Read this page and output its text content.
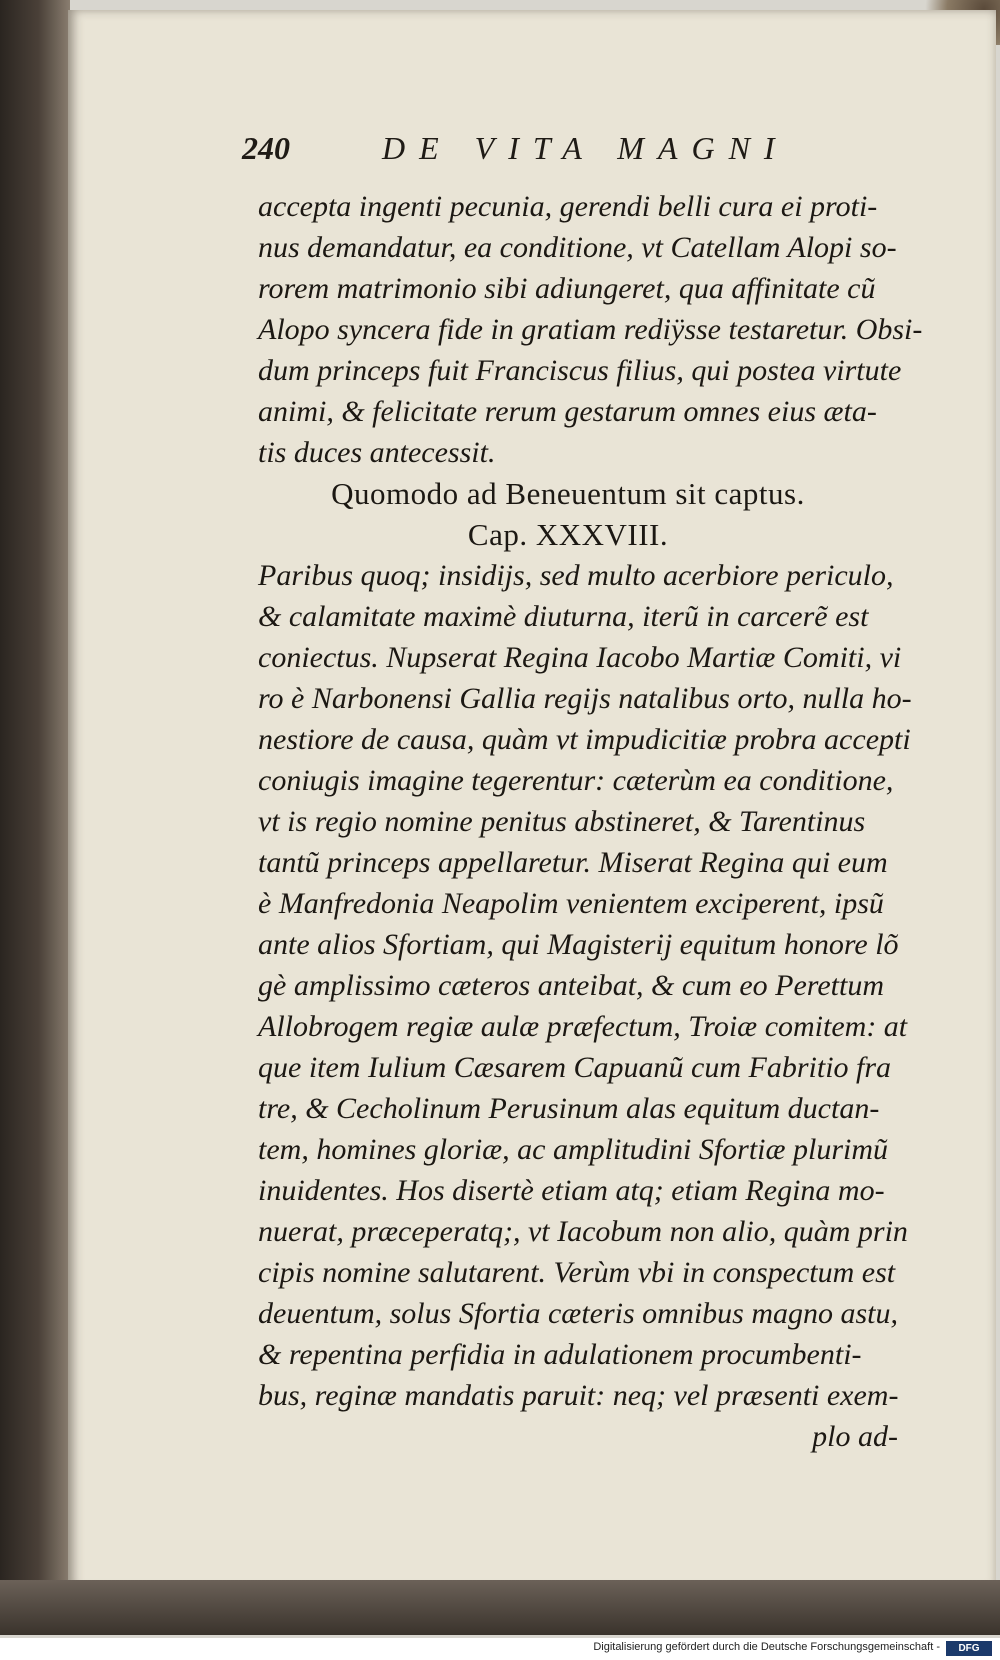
240	DE VITA MAGNI
accepta ingenti pecunia, gerendi belli cura ei proti-
nus demandatur, ea conditione, vt Catellam Alopi so-
rorem matrimonio sibi adiungeret, qua affinitate cũ
Alopo syncera fide in gratiam rediÿsse testaretur. Obsi-
dum princeps fuit Franciscus filius, qui postea virtute
animi, & felicitate rerum gestarum omnes eius æta-
tis duces antecessit.
Quomodo ad Beneuentum sit captus.
Cap. XXXVIII.
Paribus quoq; insidijs, sed multo acerbiore periculo,
& calamitate maximè diuturna, iterũ in carcerẽ est
coniectus. Nupserat Regina Iacobo Martiæ Comiti, vi
ro è Narbonensi Gallia regijs natalibus orto, nulla ho-
nestiore de causa, quàm vt impudicitiæ probra accepti
coniugis imagine tegerentur: cæterùm ea conditione,
vt is regio nomine penitus abstineret, & Tarentinus
tantũ princeps appellaretur. Miserat Regina qui eum
è Manfredonia Neapolim venientem exciperent, ipsũ
ante alios Sfortiam, qui Magisterij equitum honore lõ
gè amplissimo cæteros anteibat, & cum eo Perettum
Allobrogem regiæ aulæ præfectum, Troiæ comitem: at
que item Iulium Cæsarem Capuanũ cum Fabritio fra
tre, & Cecholinum Perusinum alas equitum ductan-
tem, homines gloriæ, ac amplitudini Sfortiæ plurimũ
inuidentes. Hos disertè etiam atq; etiam Regina mo-
nuerat, præceperatq;, vt Iacobum non alio, quàm prin
cipis nomine salutarent. Verùm vbi in conspectum est
deuentum, solus Sfortia cæteris omnibus magno astu,
& repentina perfidia in adulationem procumbenti-
bus, reginæ mandatis paruit: neq; vel præsenti exem-
plo ad-
Digitalisierung gefördert durch die Deutsche Forschungsgemeinschaft -	DFG
